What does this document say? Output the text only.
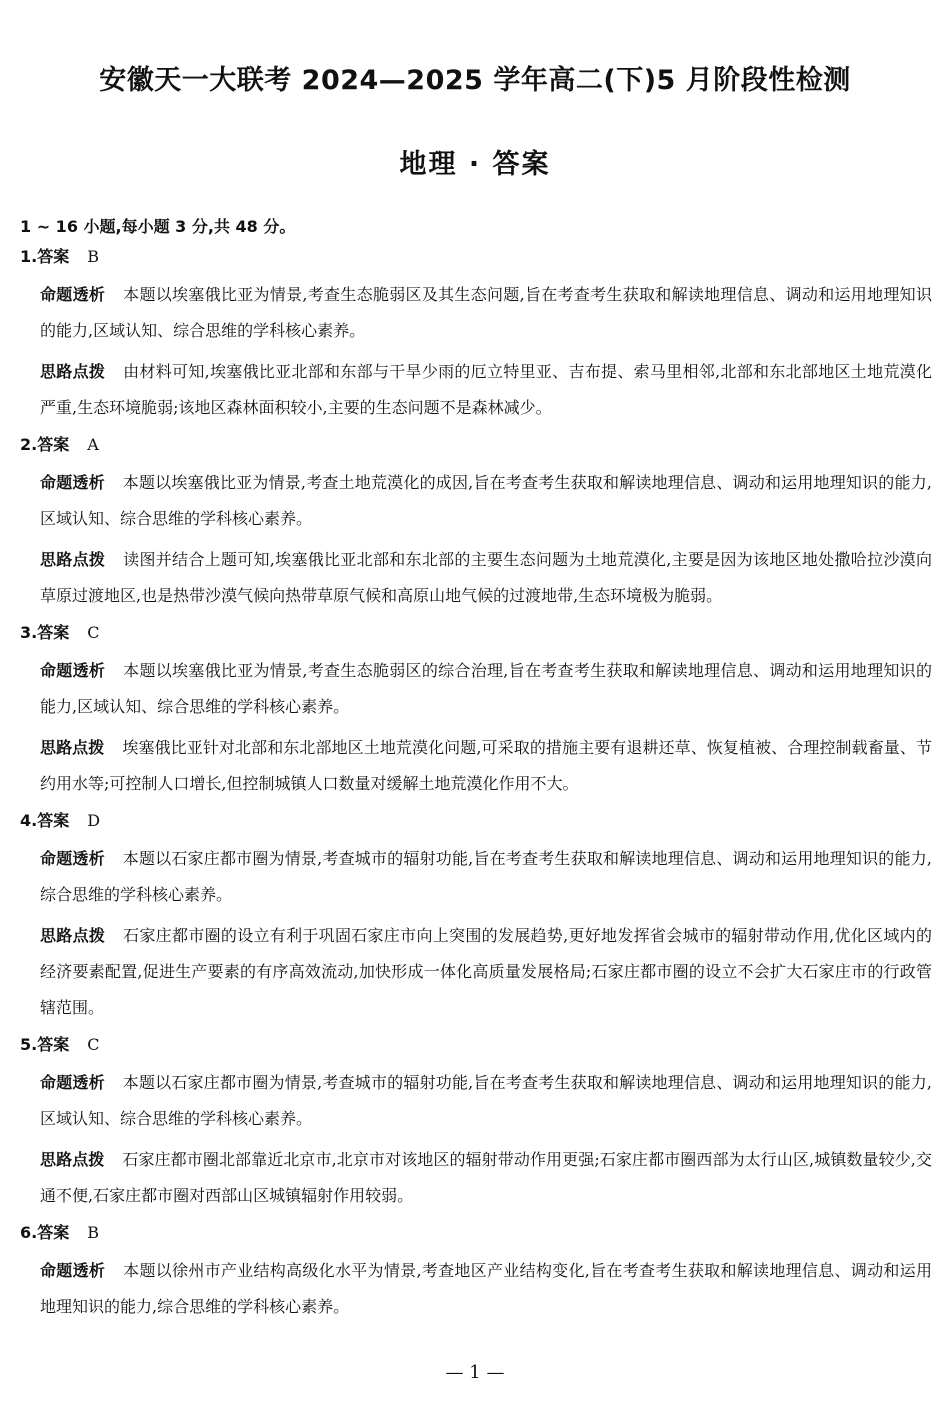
安徽天一大联考 2024—2025 学年高二(下)5 月阶段性检测
地理 · 答案

1 ~ 16 小题,每小题 3 分,共 48 分。

1.答案 B

命题透析 本题以埃塞俄比亚为情景,考查生态脆弱区及其生态问题,旨在考查考生获取和解读地理信息、调动和运用地理知识的能力,区域认知、综合思维的学科核心素养。

思路点拨 由材料可知,埃塞俄比亚北部和东部与干旱少雨的厄立特里亚、吉布提、索马里相邻,北部和东北部地区土地荒漠化严重,生态环境脆弱;该地区森林面积较小,主要的生态问题不是森林减少。

2.答案 A

命题透析 本题以埃塞俄比亚为情景,考查土地荒漠化的成因,旨在考查考生获取和解读地理信息、调动和运用地理知识的能力,区域认知、综合思维的学科核心素养。

思路点拨 读图并结合上题可知,埃塞俄比亚北部和东北部的主要生态问题为土地荒漠化,主要是因为该地区地处撒哈拉沙漠向草原过渡地区,也是热带沙漠气候向热带草原气候和高原山地气候的过渡地带,生态环境极为脆弱。

3.答案 C

命题透析 本题以埃塞俄比亚为情景,考查生态脆弱区的综合治理,旨在考查考生获取和解读地理信息、调动和运用地理知识的能力,区域认知、综合思维的学科核心素养。

思路点拨 埃塞俄比亚针对北部和东北部地区土地荒漠化问题,可采取的措施主要有退耕还草、恢复植被、合理控制载畜量、节约用水等;可控制人口增长,但控制城镇人口数量对缓解土地荒漠化作用不大。

4.答案 D

命题透析 本题以石家庄都市圈为情景,考查城市的辐射功能,旨在考查考生获取和解读地理信息、调动和运用地理知识的能力,综合思维的学科核心素养。

思路点拨 石家庄都市圈的设立有利于巩固石家庄市向上突围的发展趋势,更好地发挥省会城市的辐射带动作用,优化区域内的经济要素配置,促进生产要素的有序高效流动,加快形成一体化高质量发展格局;石家庄都市圈的设立不会扩大石家庄市的行政管辖范围。

5.答案 C

命题透析 本题以石家庄都市圈为情景,考查城市的辐射功能,旨在考查考生获取和解读地理信息、调动和运用地理知识的能力,区域认知、综合思维的学科核心素养。

思路点拨 石家庄都市圈北部靠近北京市,北京市对该地区的辐射带动作用更强;石家庄都市圈西部为太行山区,城镇数量较少,交通不便,石家庄都市圈对西部山区城镇辐射作用较弱。

6.答案 B

命题透析 本题以徐州市产业结构高级化水平为情景,考查地区产业结构变化,旨在考查考生获取和解读地理信息、调动和运用地理知识的能力,综合思维的学科核心素养。

— 1 —
